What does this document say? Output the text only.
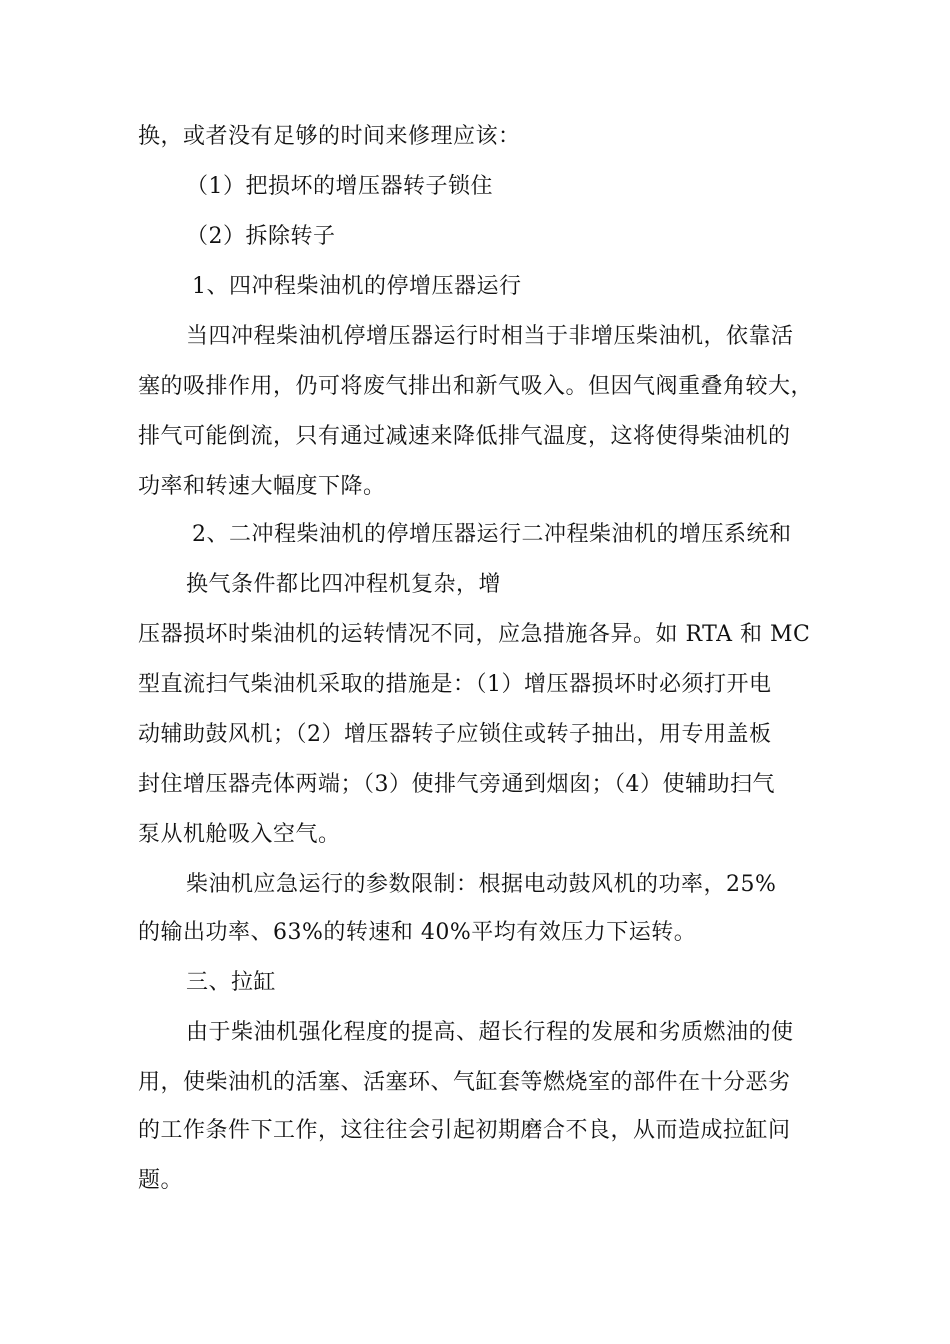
换，或者没有足够的时间来修理应该：
（1）把损坏的增压器转子锁住
（2）拆除转子
1、四冲程柴油机的停增压器运行
当四冲程柴油机停增压器运行时相当于非增压柴油机，依靠活
塞的吸排作用，仍可将废气排出和新气吸入。但因气阀重叠角较大，
排气可能倒流，只有通过减速来降低排气温度，这将使得柴油机的
功率和转速大幅度下降。
2、二冲程柴油机的停增压器运行二冲程柴油机的增压系统和
换气条件都比四冲程机复杂，增
压器损坏时柴油机的运转情况不同，应急措施各异。如 RTA 和 MC
型直流扫气柴油机采取的措施是：（1）增压器损坏时必须打开电
动辅助鼓风机；（2）增压器转子应锁住或转子抽出，用专用盖板
封住增压器壳体两端；（3）使排气旁通到烟囱；（4）使辅助扫气
泵从机舱吸入空气。
柴油机应急运行的参数限制：根据电动鼓风机的功率，25%
的输出功率、63%的转速和 40%平均有效压力下运转。
三、拉缸
由于柴油机强化程度的提高、超长行程的发展和劣质燃油的使
用，使柴油机的活塞、活塞环、气缸套等燃烧室的部件在十分恶劣
的工作条件下工作，这往往会引起初期磨合不良，从而造成拉缸问
题。
